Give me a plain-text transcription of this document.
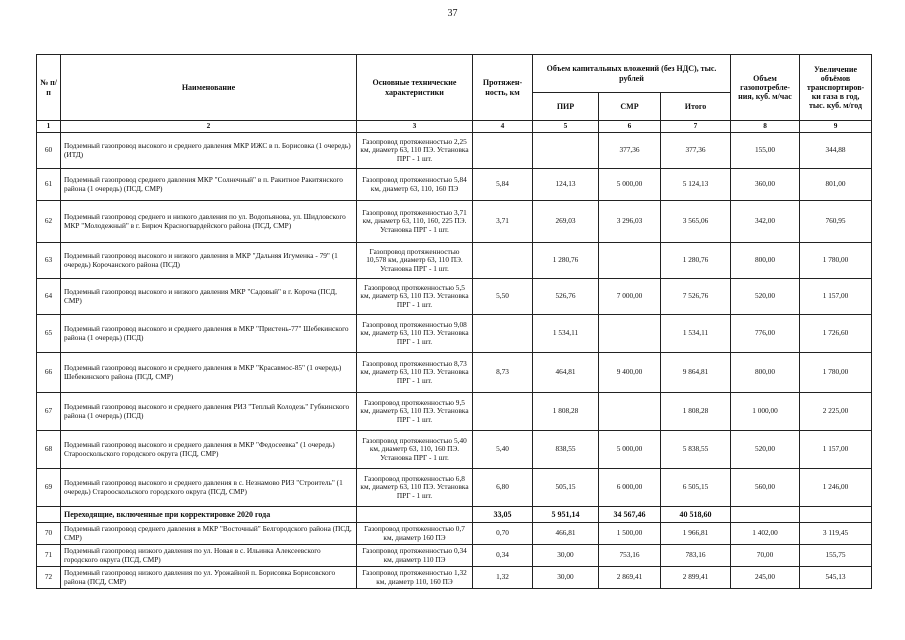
37
№ п/п	Наименование	Основные технические характеристики	Протяжен-ность, км	Объем капитальных вложений (без НДС), тыс. рублей			Объем газопотребле-ния, куб. м/час	Увеличение объёмов транспортиров-ки газа в год, тыс. куб. м/год
				ПИР	СМР	Итого		
1	2	3	4	5	6	7	8	9
60	Подземный газопровод высокого и среднего давления МКР ИЖС в п. Борисовка (1 очередь) (ИТД)	Газопровод протяженностью 2,25 км, диаметр 63, 110 ПЭ. Установка ПРГ - 1 шт.			377,36	377,36	155,00	344,88
61	Подземный газопровод среднего давления МКР "Солнечный" в п. Ракитное Ракитянского района (1 очередь) (ПСД, СМР)	Газопровод протяженностью 5,84 км, диаметр 63, 110, 160 ПЭ	5,84	124,13	5 000,00	5 124,13	360,00	801,00
62	Подземный газопровод среднего и низкого давления по ул. Водопьянова, ул. Шидловского МКР "Молодежный" в г. Бирюч Красногвардейского района (ПСД, СМР)	Газопровод протяженностью 3,71 км, диаметр 63, 110, 160, 225 ПЭ. Установка ПРГ - 1 шт.	3,71	269,03	3 296,03	3 565,06	342,00	760,95
63	Подземный газопровод высокого и низкого давления в МКР "Дальняя Игуменка - 79" (1 очередь) Корочанского района (ПСД)	Газопровод протяженностью 10,578 км, диаметр 63, 110 ПЭ. Установка ПРГ - 1 шт.		1 280,76		1 280,76	800,00	1 780,00
64	Подземный газопровод высокого и низкого давления МКР "Садовый" в г. Короча (ПСД, СМР)	Газопровод протяженностью 5,5 км, диаметр 63, 110 ПЭ. Установка ПРГ - 1 шт.	5,50	526,76	7 000,00	7 526,76	520,00	1 157,00
65	Подземный газопровод высокого и среднего давления в МКР "Пристень-77" Шебекинского района (1 очередь) (ПСД)	Газопровод протяженностью 9,08 км, диаметр 63, 110 ПЭ. Установка ПРГ - 1 шт.		1 534,11		1 534,11	776,00	1 726,60
66	Подземный газопровод высокого и среднего давления в МКР "Красавмос-85" (1 очередь) Шебекинского района (ПСД, СМР)	Газопровод протяженностью 8,73 км, диаметр 63, 110 ПЭ. Установка ПРГ - 1 шт.	8,73	464,81	9 400,00	9 864,81	800,00	1 780,00
67	Подземный газопровод высокого и среднего давления РИЗ "Теплый Колодезь" Губкинского района (1 очередь) (ПСД)	Газопровод протяженностью 9,5 км, диаметр 63, 110 ПЭ. Установка ПРГ - 1 шт.		1 808,28		1 808,28	1 000,00	2 225,00
68	Подземный газопровод высокого и среднего давления в МКР "Федосеевка" (1 очередь) Старооскольского городского округа (ПСД, СМР)	Газопровод протяженностью 5,40 км, диаметр 63, 110, 160 ПЭ. Установка ПРГ - 1 шт.	5,40	838,55	5 000,00	5 838,55	520,00	1 157,00
69	Подземный газопровод высокого и среднего давления в с. Незнамово РИЗ "Строитель" (1 очередь) Старооскольского городского округа (ПСД, СМР)	Газопровод протяженностью 6,8 км, диаметр 63, 110 ПЭ. Установка ПРГ - 1 шт.	6,80	505,15	6 000,00	6 505,15	560,00	1 246,00
	Переходящие, включенные при корректировке 2020 года		33,05	5 951,14	34 567,46	40 518,60		
70	Подземный газопровод среднего давления в МКР "Восточный" Белгородского района (ПСД, СМР)	Газопровод протяженностью 0,7 км, диаметр 160 ПЭ	0,70	466,81	1 500,00	1 966,81	1 402,00	3 119,45
71	Подземный газопровод низкого давления по ул. Новая в с. Ильинка Алексеевского городского округа (ПСД, СМР)	Газопровод протяженностью 0,34 км, диаметр 110 ПЭ	0,34	30,00	753,16	783,16	70,00	155,75
72	Подземный газопровод низкого давления по ул. Урожайной п. Борисовка Борисовского района (ПСД, СМР)	Газопровод протяженностью 1,32 км, диаметр 110, 160 ПЭ	1,32	30,00	2 869,41	2 899,41	245,00	545,13
